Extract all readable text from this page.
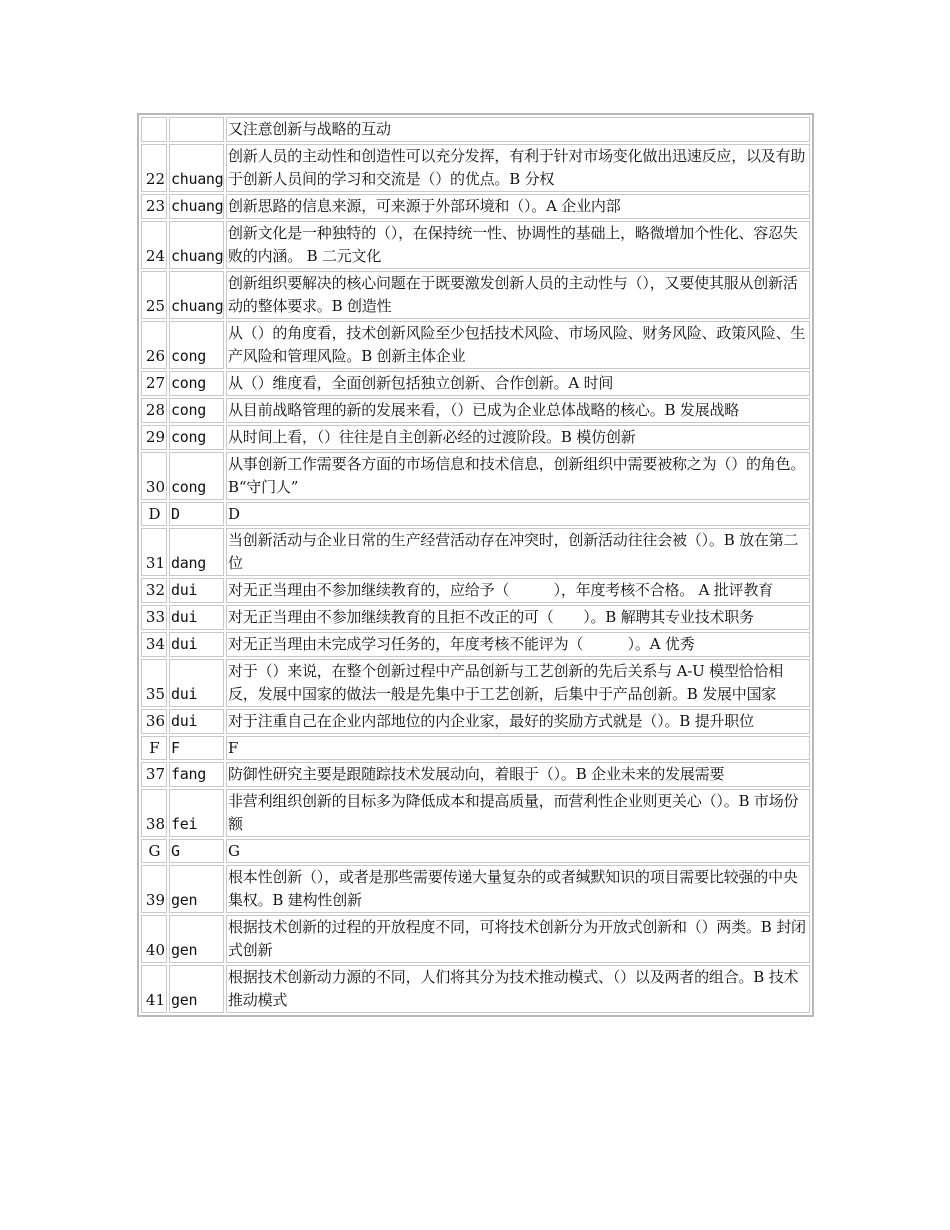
		又注意创新与战略的互动
22	chuang	创新人员的主动性和创造性可以充分发挥，有利于针对市场变化做出迅速反应，以及有助于创新人员间的学习和交流是（）的优点。B 分权
23	chuang	创新思路的信息来源，可来源于外部环境和（）。A 企业内部
24	chuang	创新文化是一种独特的（），在保持统一性、协调性的基础上，略微增加个性化、容忍失败的内涵。 B 二元文化
25	chuang	创新组织要解决的核心问题在于既要激发创新人员的主动性与（），又要使其服从创新活动的整体要求。B 创造性
26	cong	从（）的角度看，技术创新风险至少包括技术风险、市场风险、财务风险、政策风险、生产风险和管理风险。B 创新主体企业
27	cong	从（）维度看，全面创新包括独立创新、合作创新。A 时间
28	cong	从目前战略管理的新的发展来看，（）已成为企业总体战略的核心。B 发展战略
29	cong	从时间上看，（）往往是自主创新必经的过渡阶段。B 模仿创新
30	cong	从事创新工作需要各方面的市场信息和技术信息，创新组织中需要被称之为（）的角色。 B“守门人”
D	D	D
31	dang	当创新活动与企业日常的生产经营活动存在冲突时，创新活动往往会被（）。B 放在第二位
32	dui	对无正当理由不参加继续教育的，应给予（　　　），年度考核不合格。 A 批评教育
33	dui	对无正当理由不参加继续教育的且拒不改正的可（　　）。B 解聘其专业技术职务
34	dui	对无正当理由未完成学习任务的，年度考核不能评为（　　　）。A 优秀
35	dui	对于（）来说，在整个创新过程中产品创新与工艺创新的先后关系与 A-U 模型恰恰相反，发展中国家的做法一般是先集中于工艺创新，后集中于产品创新。B 发展中国家
36	dui	对于注重自己在企业内部地位的内企业家，最好的奖励方式就是（）。B 提升职位
F	F	F
37	fang	防御性研究主要是跟随踪技术发展动向，着眼于（）。B 企业未来的发展需要
38	fei	非营利组织创新的目标多为降低成本和提高质量，而营利性企业则更关心（）。B 市场份额
G	G	G
39	gen	根本性创新（），或者是那些需要传递大量复杂的或者缄默知识的项目需要比较强的中央集权。B 建构性创新
40	gen	根据技术创新的过程的开放程度不同，可将技术创新分为开放式创新和（）两类。B 封闭式创新
41	gen	根据技术创新动力源的不同，人们将其分为技术推动模式、（）以及两者的组合。B 技术推动模式
